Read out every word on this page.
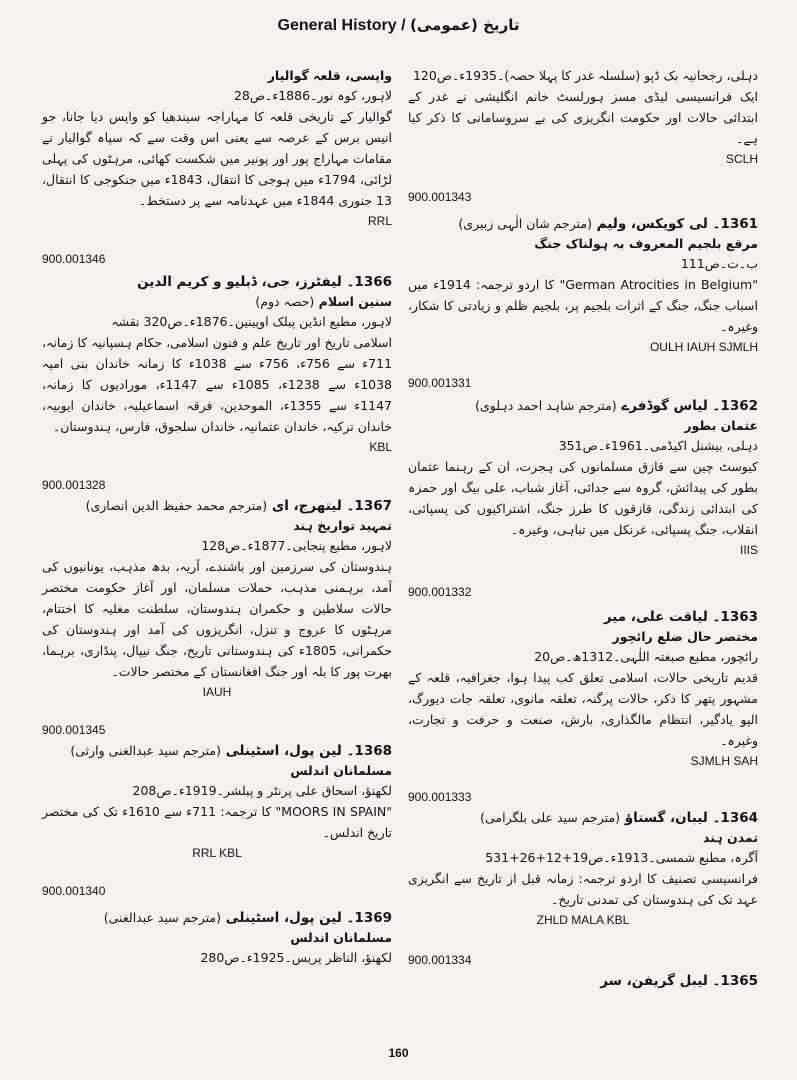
General History / (عمومی) تاریخ
دہلی، رجحانیہ بک ڈپو (سلسلہ غدر کا پہلا حصہ)۔1935ء۔ص120
ایک فرانسیسی لیڈی مسز ہورلسٹ خانم انگلیشی نے غدر کے ابتدائی حالات اور حکومت انگریزی کی بے سروسامانی کا ذکر کیا ہے۔
SCLH
900.001343
1361۔ لی کویکس، ولیم (مترجم شان الٰہی زبیری)
مرقع بلجیم المعروف بہ ہولناک جنگ
ب۔ت۔ص111
"German Atrocities in Belgium" کا اردو ترجمہ: 1914ء میں اسباب جنگ، جنگ کے اثرات بلجیم پر، بلجیم ظلم و زیادتی کا شکار، وغیرہ۔
OULH IAUH SJMLH
900.001331
1362۔ لیاس گوڈفرے (مترجم شاہد احمد دہلوی)
عثمان بطور
دہلی، بیشنل اکیڈمی۔1961ء۔ص351
کیوسٹ چین سے قازق مسلمانوں کی ہجرت، ان کے رہنما عثمان بطور کی پیدائش، گروہ سے جدائی، آغاز شباب، علی بیگ اور حمزہ کی ابتدائی زندگی، قازقوں کا طرز جنگ، اشتراکیوں کی پسپائی، انقلاب، جنگ پسپائی، غرنکل میں تباہی، وغیرہ۔
IIIS
900.001332
1363۔ لیاقت علی، میر
مختصر حال ضلع رائچور
رائچور، مطبع صبغتہ اللٰہی۔1312ھ۔ص20
قدیم تاریخی حالات، اسلامی تعلق کب پیدا ہوا، جغرافیہ، قلعہ کے مشہور پتھر کا ذکر، حالات پرگنہ، تعلقہ مانوی، تعلقہ جات دیورگ، الپو یادگیر، انتظام مالگذاری، بارش، صنعت و حرفت و تجارت، وغیرہ۔
SJMLH SAH
900.001333
1364۔ لیبان، گستاؤ (مترجم سید علی بلگرامی)
تمدن ہند
آگرہ، مطبع شمسی۔1913ء۔ص19+12+26+531
فرانسیسی تصنیف کا اردو ترجمہ: زمانہ قبل از تاریخ سے انگریزی عہد تک کی ہندوستان کی تمدنی تاریخ۔
ZHLD MALA KBL
900.001334
1365۔ لیبل گریفن، سر
واپسی، قلعہ گوالیار
لاہور، کوہ نور۔1886ء۔ص28
گوالیار کے تاریخی قلعہ کا مہاراجہ سیندھیا کو واپس دیا جانا، جو انیس برس کے عرصہ سے یعنی اس وقت سے کہ سپاہ گوالیار نے مقامات مہاراج پور اور پونیر میں شکست کھائی، مرہٹوں کی پہلی لڑائی، 1794ء میں ہوجی کا انتقال، 1843ء میں جنکوجی کا انتقال، 13 جنوری 1844ء میں عہدنامہ سے پر دستخط۔
RRL
900.001346
1366۔ لیفٹرز، جی، ڈبلیو و کریم الدین
سنین اسلام (حصہ دوم)
لاہور، مطبع انڈین پبلک اوپینین۔1876ء۔ص320 نقشہ
اسلامی تاریخ اور تاریخ علم و فنون اسلامی، حکام ہسپانیہ کا زمانہ، 711ء سے 756ء، 756ء سے 1038ء کا زمانہ خاندان بنی امیہ 1038ء سے 1238ء، 1085ء سے 1147ء، مورادیوں کا زمانہ، 1147ء سے 1355ء، الموحدین، فرقہ اسماعیلیہ، خاندان ایوبیہ، خاندان ترکیہ، خاندان عثمانیہ، خاندان سلجوق، فارس، ہندوستان۔
KBL
900.001328
1367۔ لیتھرج، ای (مترجم محمد حفیظ الدین انصاری)
تمہید تواریخ ہند
لاہور، مطبع پنجابی۔1877ء۔ص128
ہندوستان کی سرزمین اور باشندے، آریہ، بدھ مذہب، یونانیوں کی آمد، برہمنی مذہب، حملات مسلمان، اور آغاز حکومت مختصر حالات سلاطین و حکمران ہندوستان، سلطنت مغلیہ کا اختتام، مرہٹوں کا عروج و تنزل، انگریزوں کی آمد اور ہندوستان کی حکمرانی، 1805ء کی ہندوستانی تاریخ، جنگ نیپال، پنڈاری، برہما، بھرت پور کا بلہ اور جنگ افغانستان کے مختصر حالات۔
IAUH
900.001345
1368۔ لین پول، اسٹینلی (مترجم سید عبدالغنی وارثی)
مسلمانان اندلس
لکھنؤ، اسحاق علی پرنٹر و پبلشر۔1919ء۔ص208
"MOORS IN SPAIN" کا ترجمہ: 711ء سے 1610ء تک کی مختصر تاریخ اندلس۔
RRL KBL
900.001340
1369۔ لین پول، اسٹینلی (مترجم سید عبدالغنی)
مسلمانان اندلس
لکھنؤ، الناظر پریس۔1925ء۔ص280
160
